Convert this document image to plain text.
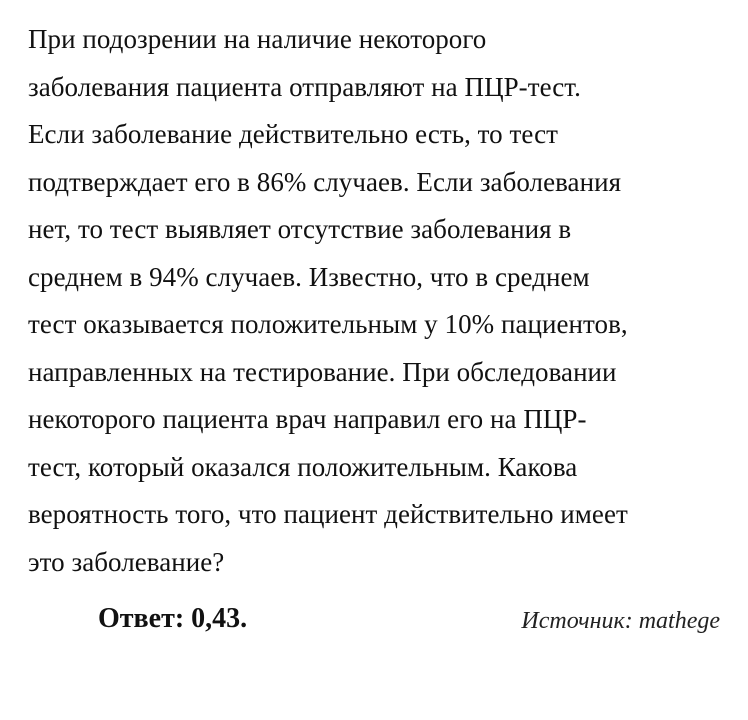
При подозрении на наличие некоторого
заболевания пациента отправляют на ПЦР-тест.
Если заболевание действительно есть, то тест
подтверждает его в 86% случаев. Если заболевания
нет, то тест выявляет отсутствие заболевания в
среднем в 94% случаев. Известно, что в среднем
тест оказывается положительным у 10% пациентов,
направленных на тестирование. При обследовании
некоторого пациента врач направил его на ПЦР-
тест, который оказался положительным. Какова
вероятность того, что пациент действительно имеет
это заболевание?

Ответ: 0,43.	Источник: mathege
